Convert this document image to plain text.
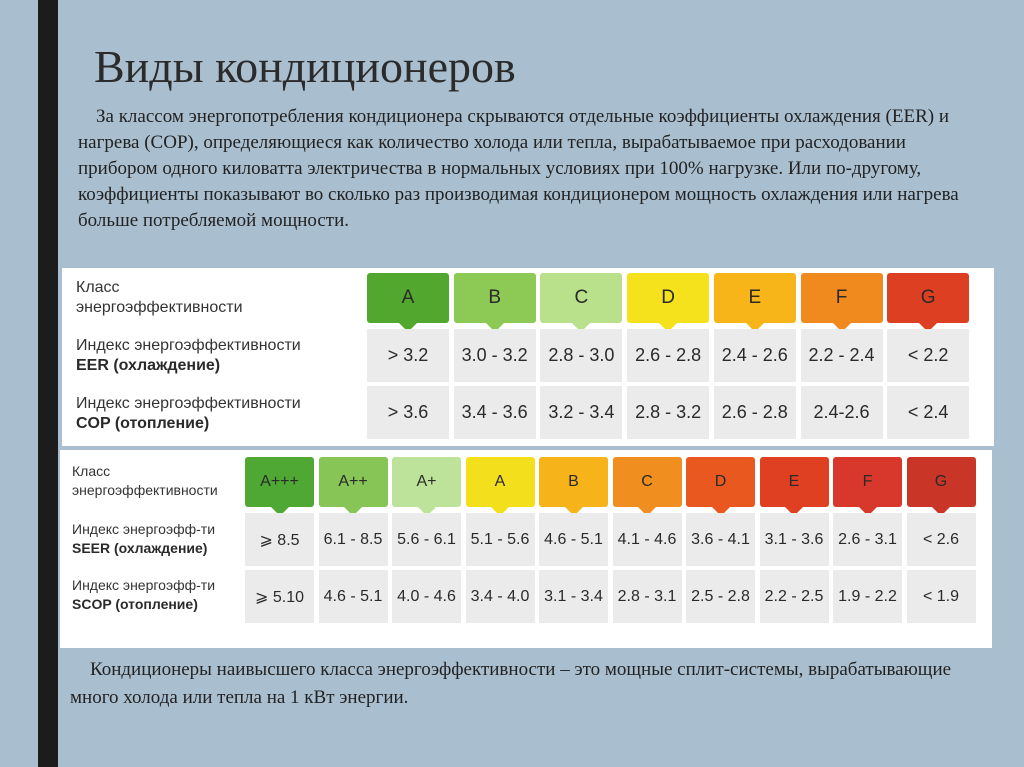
Виды кондиционеров
За классом энергопотребления кондиционера скрываются отдельные коэффициенты охлаждения (EER) и нагрева (COP), определяющиеся как количество холода или тепла, вырабатываемое при расходовании прибором одного киловатта электричества в нормальных условиях при 100% нагрузке. Или по-другому, коэффициенты показывают во сколько раз производимая кондиционером мощность охлаждения или нагрева больше потребляемой мощности.
Класс
энергоэффективности
Индекс энергоэффективности
EER (охлаждение)
Индекс энергоэффективности
COP (отопление)
A
> 3.2
> 3.6
B
3.0 - 3.2
3.4 - 3.6
C
2.8 - 3.0
3.2 - 3.4
D
2.6 - 2.8
2.8 - 3.2
E
2.4 - 2.6
2.6 - 2.8
F
2.2 - 2.4
2.4-2.6
G
< 2.2
< 2.4
Класс
энергоэффективности
Индекс энергоэфф-ти
SEER (охлаждение)
Индекс энергоэфф-ти
SCOP (отопление)
A+++
⩾ 8.5
⩾ 5.10
A++
6.1 - 8.5
4.6 - 5.1
A+
5.6 - 6.1
4.0 - 4.6
A
5.1 - 5.6
3.4 - 4.0
B
4.6 - 5.1
3.1 - 3.4
C
4.1 - 4.6
2.8 - 3.1
D
3.6 - 4.1
2.5 - 2.8
E
3.1 - 3.6
2.2 - 2.5
F
2.6 - 3.1
1.9 - 2.2
G
< 2.6
< 1.9
Кондиционеры наивысшего класса энергоэффективности – это мощные сплит-системы, вырабатывающие много холода или тепла на 1 кВт энергии.
